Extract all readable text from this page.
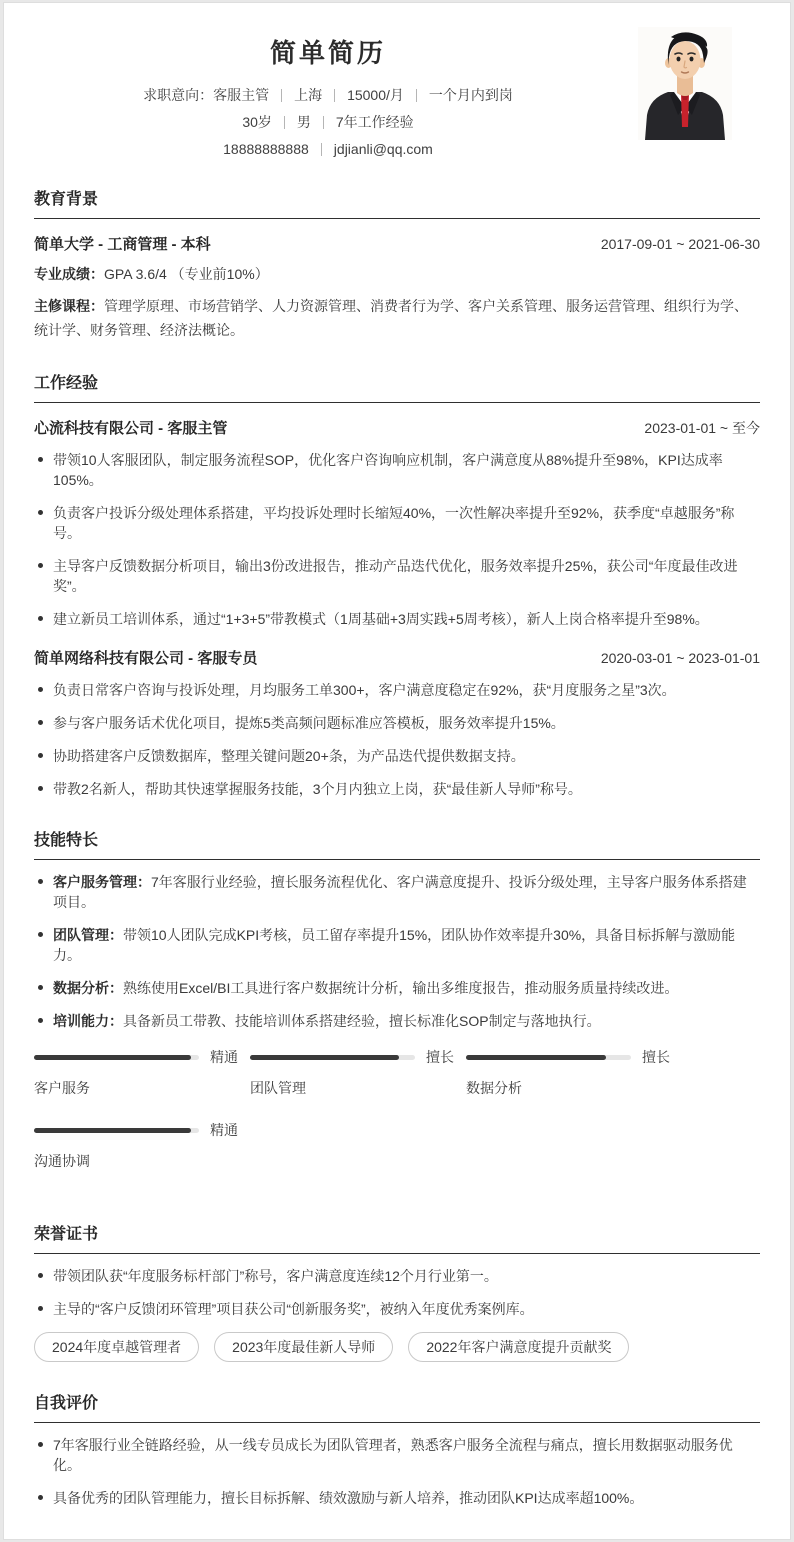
简单简历
求职意向： 客服主管 上海 15000/月 一个月内到岗
30岁 男 7年工作经验
18888888888 jdjianli@qq.com
教育背景
简单大学 - 工商管理 - 本科	2017-09-01 ~ 2021-06-30
专业成绩：GPA 3.6/4 （专业前10%）
主修课程：管理学原理、市场营销学、人力资源管理、消费者行为学、客户关系管理、服务运营管理、组织行为学、统计学、财务管理、经济法概论。
工作经验
心流科技有限公司 - 客服主管	2023-01-01 ~ 至今
带领10人客服团队，制定服务流程SOP，优化客户咨询响应机制，客户满意度从88%提升至98%，KPI达成率105%。
负责客户投诉分级处理体系搭建，平均投诉处理时长缩短40%，一次性解决率提升至92%，获季度“卓越服务”称号。
主导客户反馈数据分析项目，输出3份改进报告，推动产品迭代优化，服务效率提升25%，获公司“年度最佳改进奖”。
建立新员工培训体系，通过“1+3+5”带教模式（1周基础+3周实践+5周考核），新人上岗合格率提升至98%。
简单网络科技有限公司 - 客服专员	2020-03-01 ~ 2023-01-01
负责日常客户咨询与投诉处理，月均服务工单300+，客户满意度稳定在92%，获“月度服务之星”3次。
参与客户服务话术优化项目，提炼5类高频问题标准应答模板，服务效率提升15%。
协助搭建客户反馈数据库，整理关键问题20+条，为产品迭代提供数据支持。
带教2名新人，帮助其快速掌握服务技能，3个月内独立上岗，获“最佳新人导师”称号。
技能特长
客户服务管理：7年客服行业经验，擅长服务流程优化、客户满意度提升、投诉分级处理，主导客户服务体系搭建项目。
团队管理：带领10人团队完成KPI考核，员工留存率提升15%，团队协作效率提升30%，具备目标拆解与激励能力。
数据分析：熟练使用Excel/BI工具进行客户数据统计分析，输出多维度报告，推动服务质量持续改进。
培训能力：具备新员工带教、技能培训体系搭建经验，擅长标准化SOP制定与落地执行。
精通
客户服务
擅长
团队管理
擅长
数据分析
精通
沟通协调
荣誉证书
带领团队获“年度服务标杆部门”称号，客户满意度连续12个月行业第一。
主导的“客户反馈闭环管理”项目获公司“创新服务奖”，被纳入年度优秀案例库。
2024年度卓越管理者	2023年度最佳新人导师	2022年客户满意度提升贡献奖
自我评价
7年客服行业全链路经验，从一线专员成长为团队管理者，熟悉客户服务全流程与痛点，擅长用数据驱动服务优化。
具备优秀的团队管理能力，擅长目标拆解、绩效激励与新人培养，推动团队KPI达成率超100%。
